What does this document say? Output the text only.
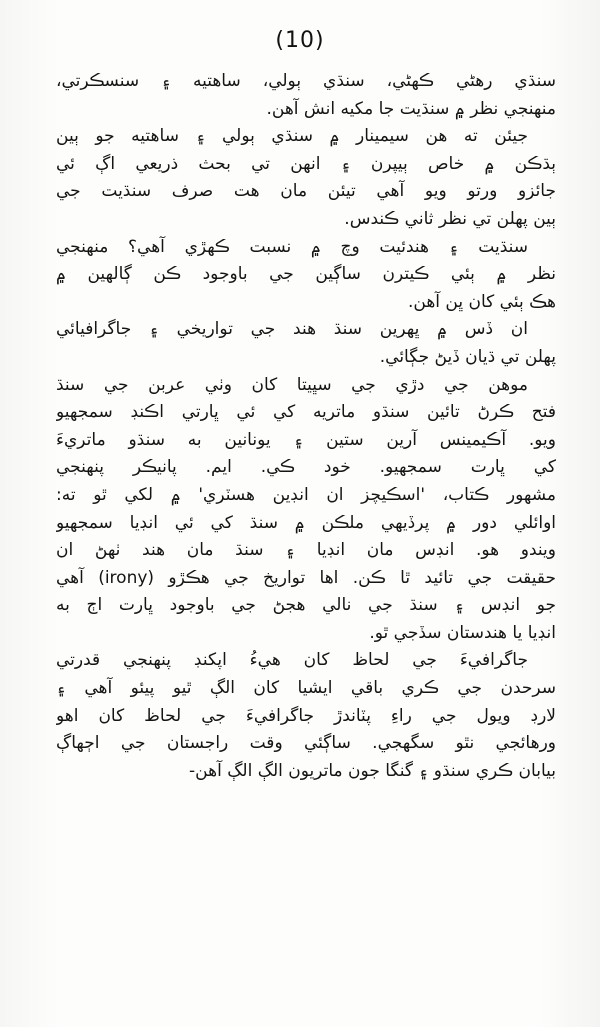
(10)
سنڌي رهڻي ڪهڻي، سنڌي ٻولي، ساهتيه ۽ سنسڪرتي،
منهنجي نظر ۾ سنڌيت جا مکيه انش آهن.
جيئن ته هن سيمينار ۾ سنڌي ٻولي ۽ ساهتيه جو ٻين
ٻڌڪن ۾ خاص ٻيپرن ۽ انهن تي بحث ذريعي اڳ ئي
جائزو ورتو ويو آهي تيئن مان هت صرف سنڌيت جي
ٻين پهلن تي نظر ثاني ڪندس.
سنڌيت ۽ هندئيت وچ ۾ نسبت ڪهڙي آهي؟ منهنجي
نظر ۾ ٻئي ڪيترن ساڳين جي باوجود ڪن ڳالهين ۾
هڪ ٻئي کان ڀن آهن.
ان ڏس ۾ ڀهرين سنڌ هند جي تواريخي ۽ جاگرافيائي
پهلن تي ڌيان ڏيڻ جڳائي.
موهن جي دڙي جي سڀيتا کان وٺي عربن جي سنڌ
فتح ڪرڻ تائين سنڌو ماتريه کي ئي ڀارتي اڪنڊ سمجهيو
ويو. آڪيمينس آرين ستين ۽ يونانين به سنڌو ماتريءَ
کي ڀارت سمجهيو. خود ڪي. ايم. پانيڪر پنهنجي
مشهور ڪتاب، 'اسڪيچز ان انڊين هسٽري' ۾ لکي ٿو ته:
اوائلي دور ۾ پرڏيهي ملڪن ۾ سنڌ کي ئي انڊيا سمجهيو
ويندو هو. انڊس مان انڊيا ۽ سنڌ مان هند ٺهڻ ان
حقيقت جي تائيد ٿا ڪن. اها تواريخ جي هڪڙو (irony) آهي
جو انڊس ۽ سنڌ جي نالي هجڻ جي باوجود ڀارت اڄ به
انڊيا يا هندستان سڏجي ٿو.
جاگرافيءَ جي لحاظ کان هيءُ اپکنڊ پنهنجي قدرتي
سرحدن جي ڪري باقي ايشيا کان الڳ ٿيو پيئو آهي ۽
لارڊ ويول جي راءِ پٽاندڙ جاگرافيءَ جي لحاظ کان اهو
ورهائجي نٿو سگهجي. ساڳئي وقت راجستان جي اڄهاڳ
بيابان ڪري سنڌو ۽ گنگا جون ماتريون الڳ الڳ آهن-
